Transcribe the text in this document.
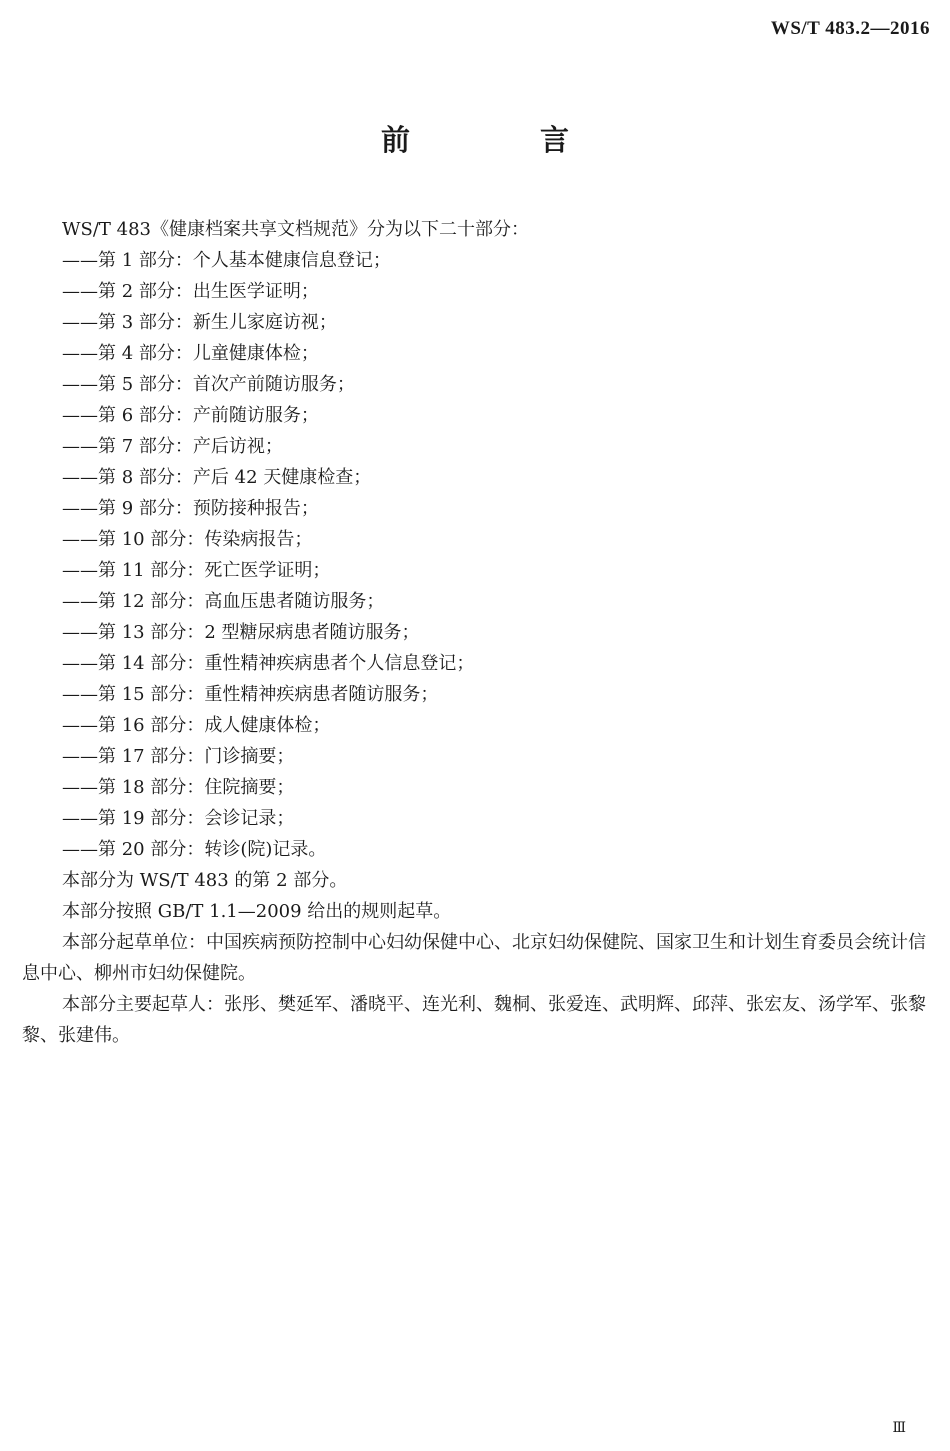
WS/T 483.2—2016
前 言

WS/T 483《健康档案共享文档规范》分为以下二十部分：

——第 1 部分：个人基本健康信息登记；

——第 2 部分：出生医学证明；

——第 3 部分：新生儿家庭访视；

——第 4 部分：儿童健康体检；

——第 5 部分：首次产前随访服务；

——第 6 部分：产前随访服务；

——第 7 部分：产后访视；

——第 8 部分：产后 42 天健康检查；

——第 9 部分：预防接种报告；

——第 10 部分：传染病报告；

——第 11 部分：死亡医学证明；

——第 12 部分：高血压患者随访服务；

——第 13 部分：2 型糖尿病患者随访服务；

——第 14 部分：重性精神疾病患者个人信息登记；

——第 15 部分：重性精神疾病患者随访服务；

——第 16 部分：成人健康体检；

——第 17 部分：门诊摘要；

——第 18 部分：住院摘要；

——第 19 部分：会诊记录；

——第 20 部分：转诊(院)记录。

本部分为 WS/T 483 的第 2 部分。

本部分按照 GB/T 1.1—2009 给出的规则起草。

本部分起草单位：中国疾病预防控制中心妇幼保健中心、北京妇幼保健院、国家卫生和计划生育委员会统计信息中心、柳州市妇幼保健院。

本部分主要起草人：张彤、樊延军、潘晓平、连光利、魏桐、张爱连、武明辉、邱萍、张宏友、汤学军、张黎黎、张建伟。

Ⅲ
